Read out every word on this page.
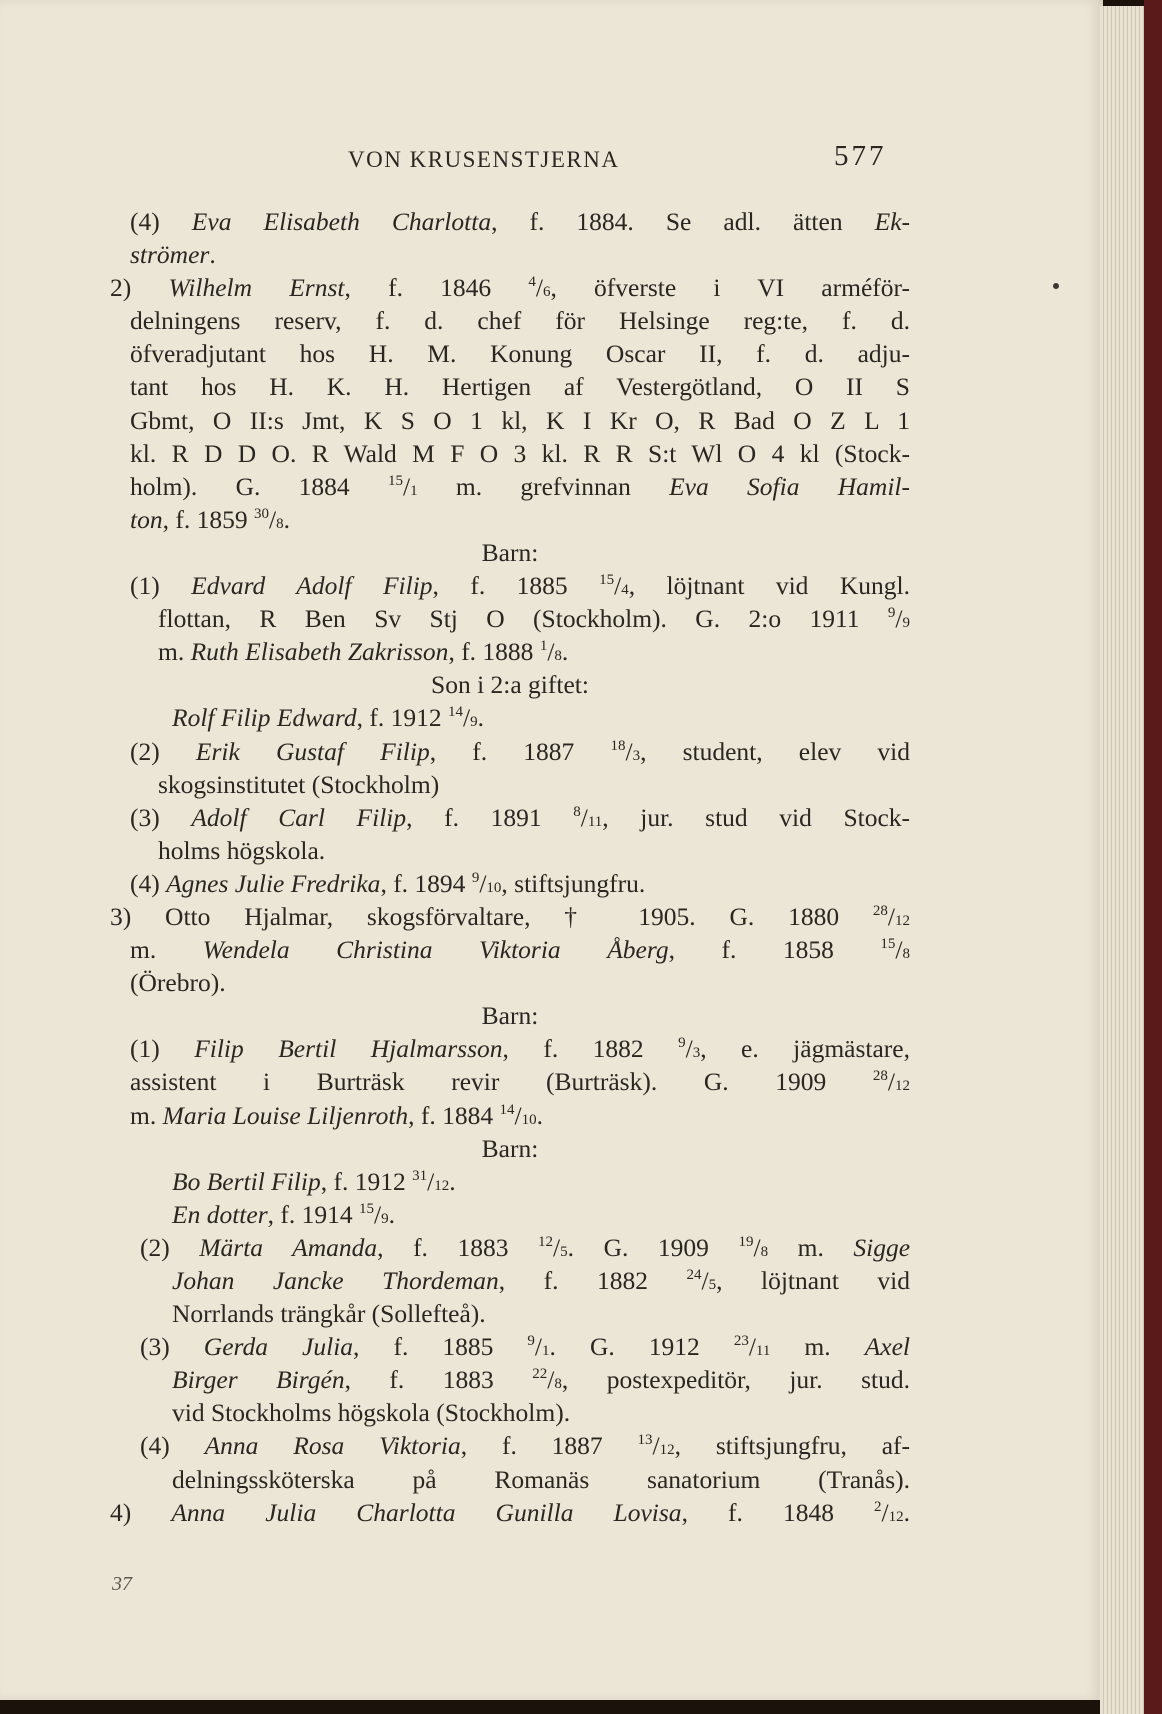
VON KRUSENSTJERNA	577
(4) Eva Elisabeth Charlotta, f. 1884. Se adl. ätten Ek-
strömer.
2) Wilhelm Ernst, f. 1846 $^4$/6, öfverste i VI arméför-
delningens reserv, f. d. chef för Helsinge reg:te, f. d.
öfveradjutant hos H. M. Konung Oscar II, f. d. adju-
tant hos H. K. H. Hertigen af Vestergötland, O II S
Gbmt, O II:s Jmt, K S O 1 kl, K I Kr O, R Bad O Z L 1
kl. R D D O. R Wald M F O 3 kl. R R S:t Wl O 4 kl (Stock-
holm). G. 1884 $^{15}$/1 m. grefvinnan Eva Sofia Hamil-
ton, f. 1859 $^{30}$/8.
Barn:
(1) Edvard Adolf Filip, f. 1885 $^{15}$/4, löjtnant vid Kungl.
flottan, R Ben Sv Stj O (Stockholm). G. 2:o 1911 $^9$/9
m. Ruth Elisabeth Zakrisson, f. 1888 $^1$/8.
Son i 2:a giftet:
Rolf Filip Edward, f. 1912 $^{14}$/9.
(2) Erik Gustaf Filip, f. 1887 $^{18}$/3, student, elev vid
skogsinstitutet (Stockholm)
(3) Adolf Carl Filip, f. 1891 $^8$/11, jur. stud vid Stock-
holms högskola.
(4) Agnes Julie Fredrika, f. 1894 $^9$/10, stiftsjungfru.
3) Otto Hjalmar, skogsförvaltare, † 1905. G. 1880 $^{28}$/12
m. Wendela Christina Viktoria Åberg, f. 1858 $^{15}$/8
(Örebro).
Barn:
(1) Filip Bertil Hjalmarsson, f. 1882 $^9$/3, e. jägmästare,
assistent i Burträsk revir (Burträsk). G. 1909 $^{28}$/12
m. Maria Louise Liljenroth, f. 1884 $^{14}$/10.
Barn:
Bo Bertil Filip, f. 1912 $^{31}$/12.
En dotter, f. 1914 $^{15}$/9.
(2) Märta Amanda, f. 1883 $^{12}$/5. G. 1909 $^{19}$/8 m. Sigge
Johan Jancke Thordeman, f. 1882 $^{24}$/5, löjtnant vid
Norrlands trängkår (Sollefteå).
(3) Gerda Julia, f. 1885 $^9$/1. G. 1912 $^{23}$/11 m. Axel
Birger Birgén, f. 1883 $^{22}$/8, postexpeditör, jur. stud.
vid Stockholms högskola (Stockholm).
(4) Anna Rosa Viktoria, f. 1887 $^{13}$/12, stiftsjungfru, af-
delningssköterska på Romanäs sanatorium (Tranås).
4) Anna Julia Charlotta Gunilla Lovisa, f. 1848 $^2$/12.
37
